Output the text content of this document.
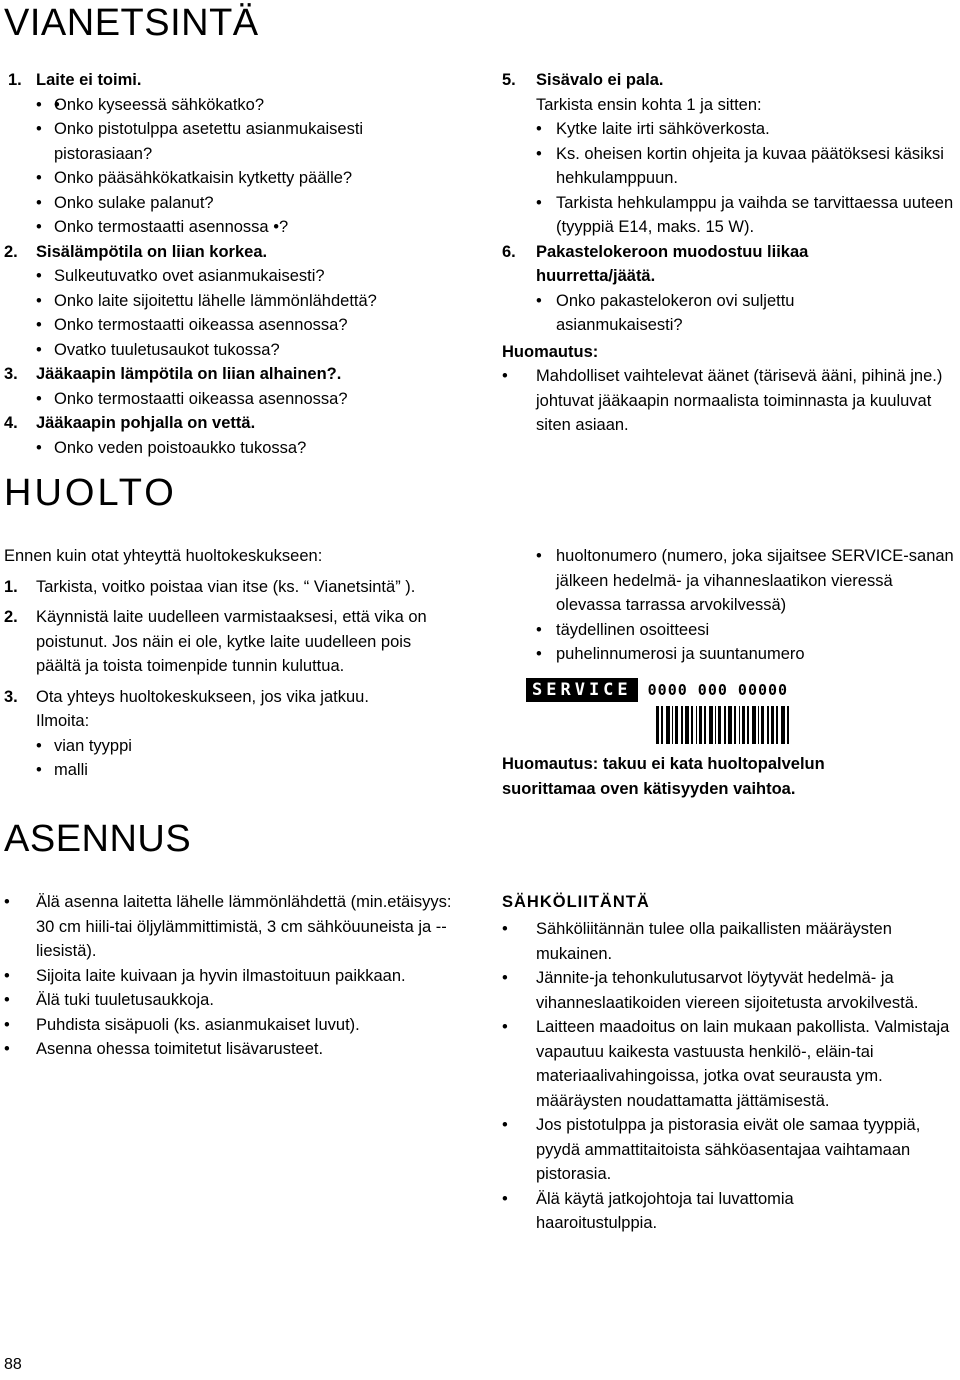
VIANETSINTÄ
1. Laite ei toimi.
• • Onko kyseessä sähkökatko?
• Onko pistotulppa asetettu asianmukaisesti pistorasiaan?
• Onko pääsähkökatkaisin kytketty päälle?
• Onko sulake palanut?
• Onko termostaatti asennossa •?
2. Sisälämpötila on liian korkea.
• Sulkeutuvatko ovet asianmukaisesti?
• Onko laite sijoitettu lähelle lämmönlähdettä?
• Onko termostaatti oikeassa asennossa?
• Ovatko tuuletusaukot tukossa?
3. Jääkaapin lämpötila on liian alhainen?.
• Onko termostaatti oikeassa asennossa?
4. Jääkaapin pohjalla on vettä.
• Onko veden poistoaukko tukossa?
5. Sisävalo ei pala.
Tarkista ensin kohta 1 ja sitten:
• Kytke laite irti sähköverkosta.
• Ks. oheisen kortin ohjeita ja kuvaa päätöksesi käsiksi hehkulamppuun.
• Tarkista hehkulamppu ja vaihda se tarvittaessa uuteen (tyyppiä E14, maks. 15 W).
6. Pakastelokeroon muodostuu liikaa huurretta/jäätä.
• Onko pakastelokeron ovi suljettu asianmukaisesti?
Huomautus:
• Mahdolliset vaihtelevat äänet (tärisevä ääni, pihinä jne.) johtuvat jääkaapin normaalista toiminnasta ja kuuluvat siten asiaan.
HUOLTO
Ennen kuin otat yhteyttä huoltokeskukseen:
1. Tarkista, voitko poistaa vian itse (ks. “ Vianetsintä” ).
2. Käynnistä laite uudelleen varmistaaksesi, että vika on poistunut. Jos näin ei ole, kytke laite uudelleen pois päältä ja toista toimenpide tunnin kuluttua.
3. Ota yhteys huoltokeskukseen, jos vika jatkuu.
Ilmoita:
• vian tyyppi
• malli
• huoltonumero (numero, joka sijaitsee SERVICE-sanan jälkeen hedelmä- ja vihanneslaatikon vieressä olevassa tarrassa arvokilvessä)
• täydellinen osoitteesi
• puhelinnumerosi ja suuntanumero
SERVICE	0000 000 00000
Huomautus: takuu ei kata huoltopalvelun suorittamaa oven kätisyyden vaihtoa.
ASENNUS
• Älä asenna laitetta lähelle lämmönlähdettä (min.etäisyys: 30 cm hiili-tai öljylämmittimistä, 3 cm sähköuuneista ja --liesistä).
• Sijoita laite kuivaan ja hyvin ilmastoituun paikkaan.
• Älä tuki tuuletusaukkoja.
• Puhdista sisäpuoli (ks. asianmukaiset luvut).
• Asenna ohessa toimitetut lisävarusteet.
SÄHKÖLIITÄNTÄ
• Sähköliitännän tulee olla paikallisten määräysten mukainen.
• Jännite-ja tehonkulutusarvot löytyvät hedelmä- ja vihanneslaatikoiden viereen sijoitetusta arvokilvestä.
• Laitteen maadoitus on lain mukaan pakollista. Valmistaja vapautuu kaikesta vastuusta henkilö-, eläin-tai materiaalivahingoissa, jotka ovat seurausta ym. määräysten noudattamatta jättämisestä.
• Jos pistotulppa ja pistorasia eivät ole samaa tyyppiä, pyydä ammattitaitoista sähköasentajaa vaihtamaan pistorasia.
• Älä käytä jatkojohtoja tai luvattomia haaroitustulppia.
88
